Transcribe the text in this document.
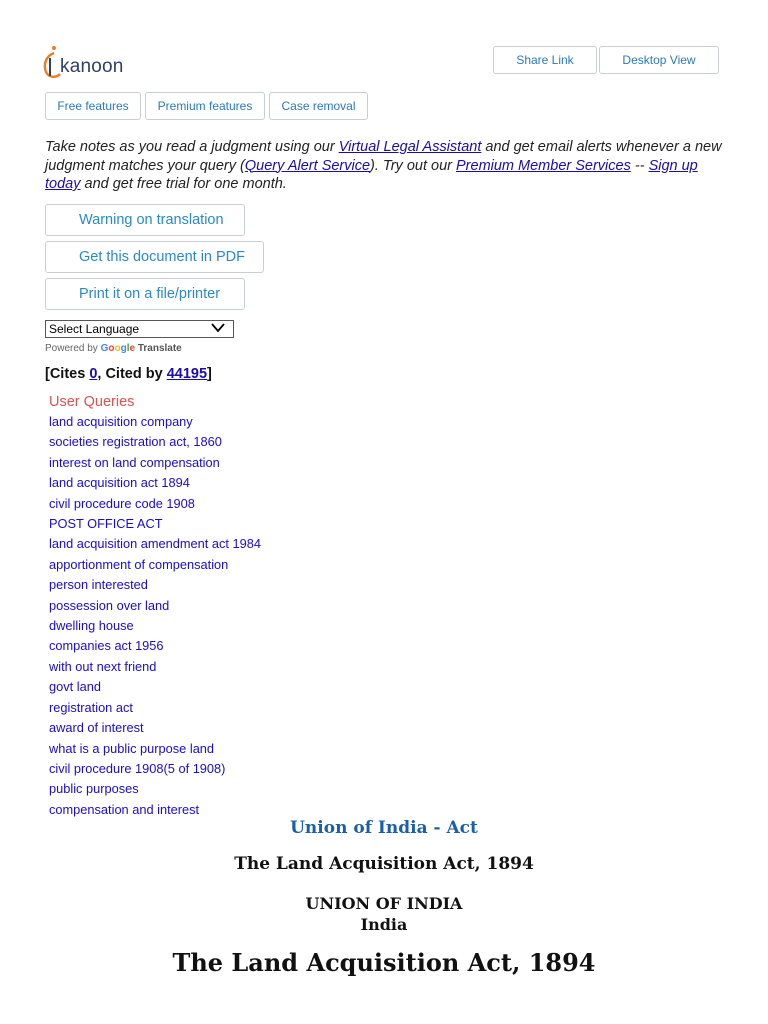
kanoon	Share Link	Desktop View
Free features	Premium features	Case removal
Take notes as you read a judgment using our Virtual Legal Assistant and get email alerts whenever a new judgment matches your query (Query Alert Service). Try out our Premium Member Services -- Sign up today and get free trial for one month.
Warning on translation
Get this document in PDF
Print it on a file/printer
Select Language
Powered by Google Translate
[Cites 0, Cited by 44195]
User Queries
land acquisition company
societies registration act, 1860
interest on land compensation
land acquisition act 1894
civil procedure code 1908
POST OFFICE ACT
land acquisition amendment act 1984
apportionment of compensation
person interested
possession over land
dwelling house
companies act 1956
with out next friend
govt land
registration act
award of interest
what is a public purpose land
civil procedure 1908(5 of 1908)
public purposes
compensation and interest
Union of India - Act
The Land Acquisition Act, 1894
UNION OF INDIA
India
The Land Acquisition Act, 1894
